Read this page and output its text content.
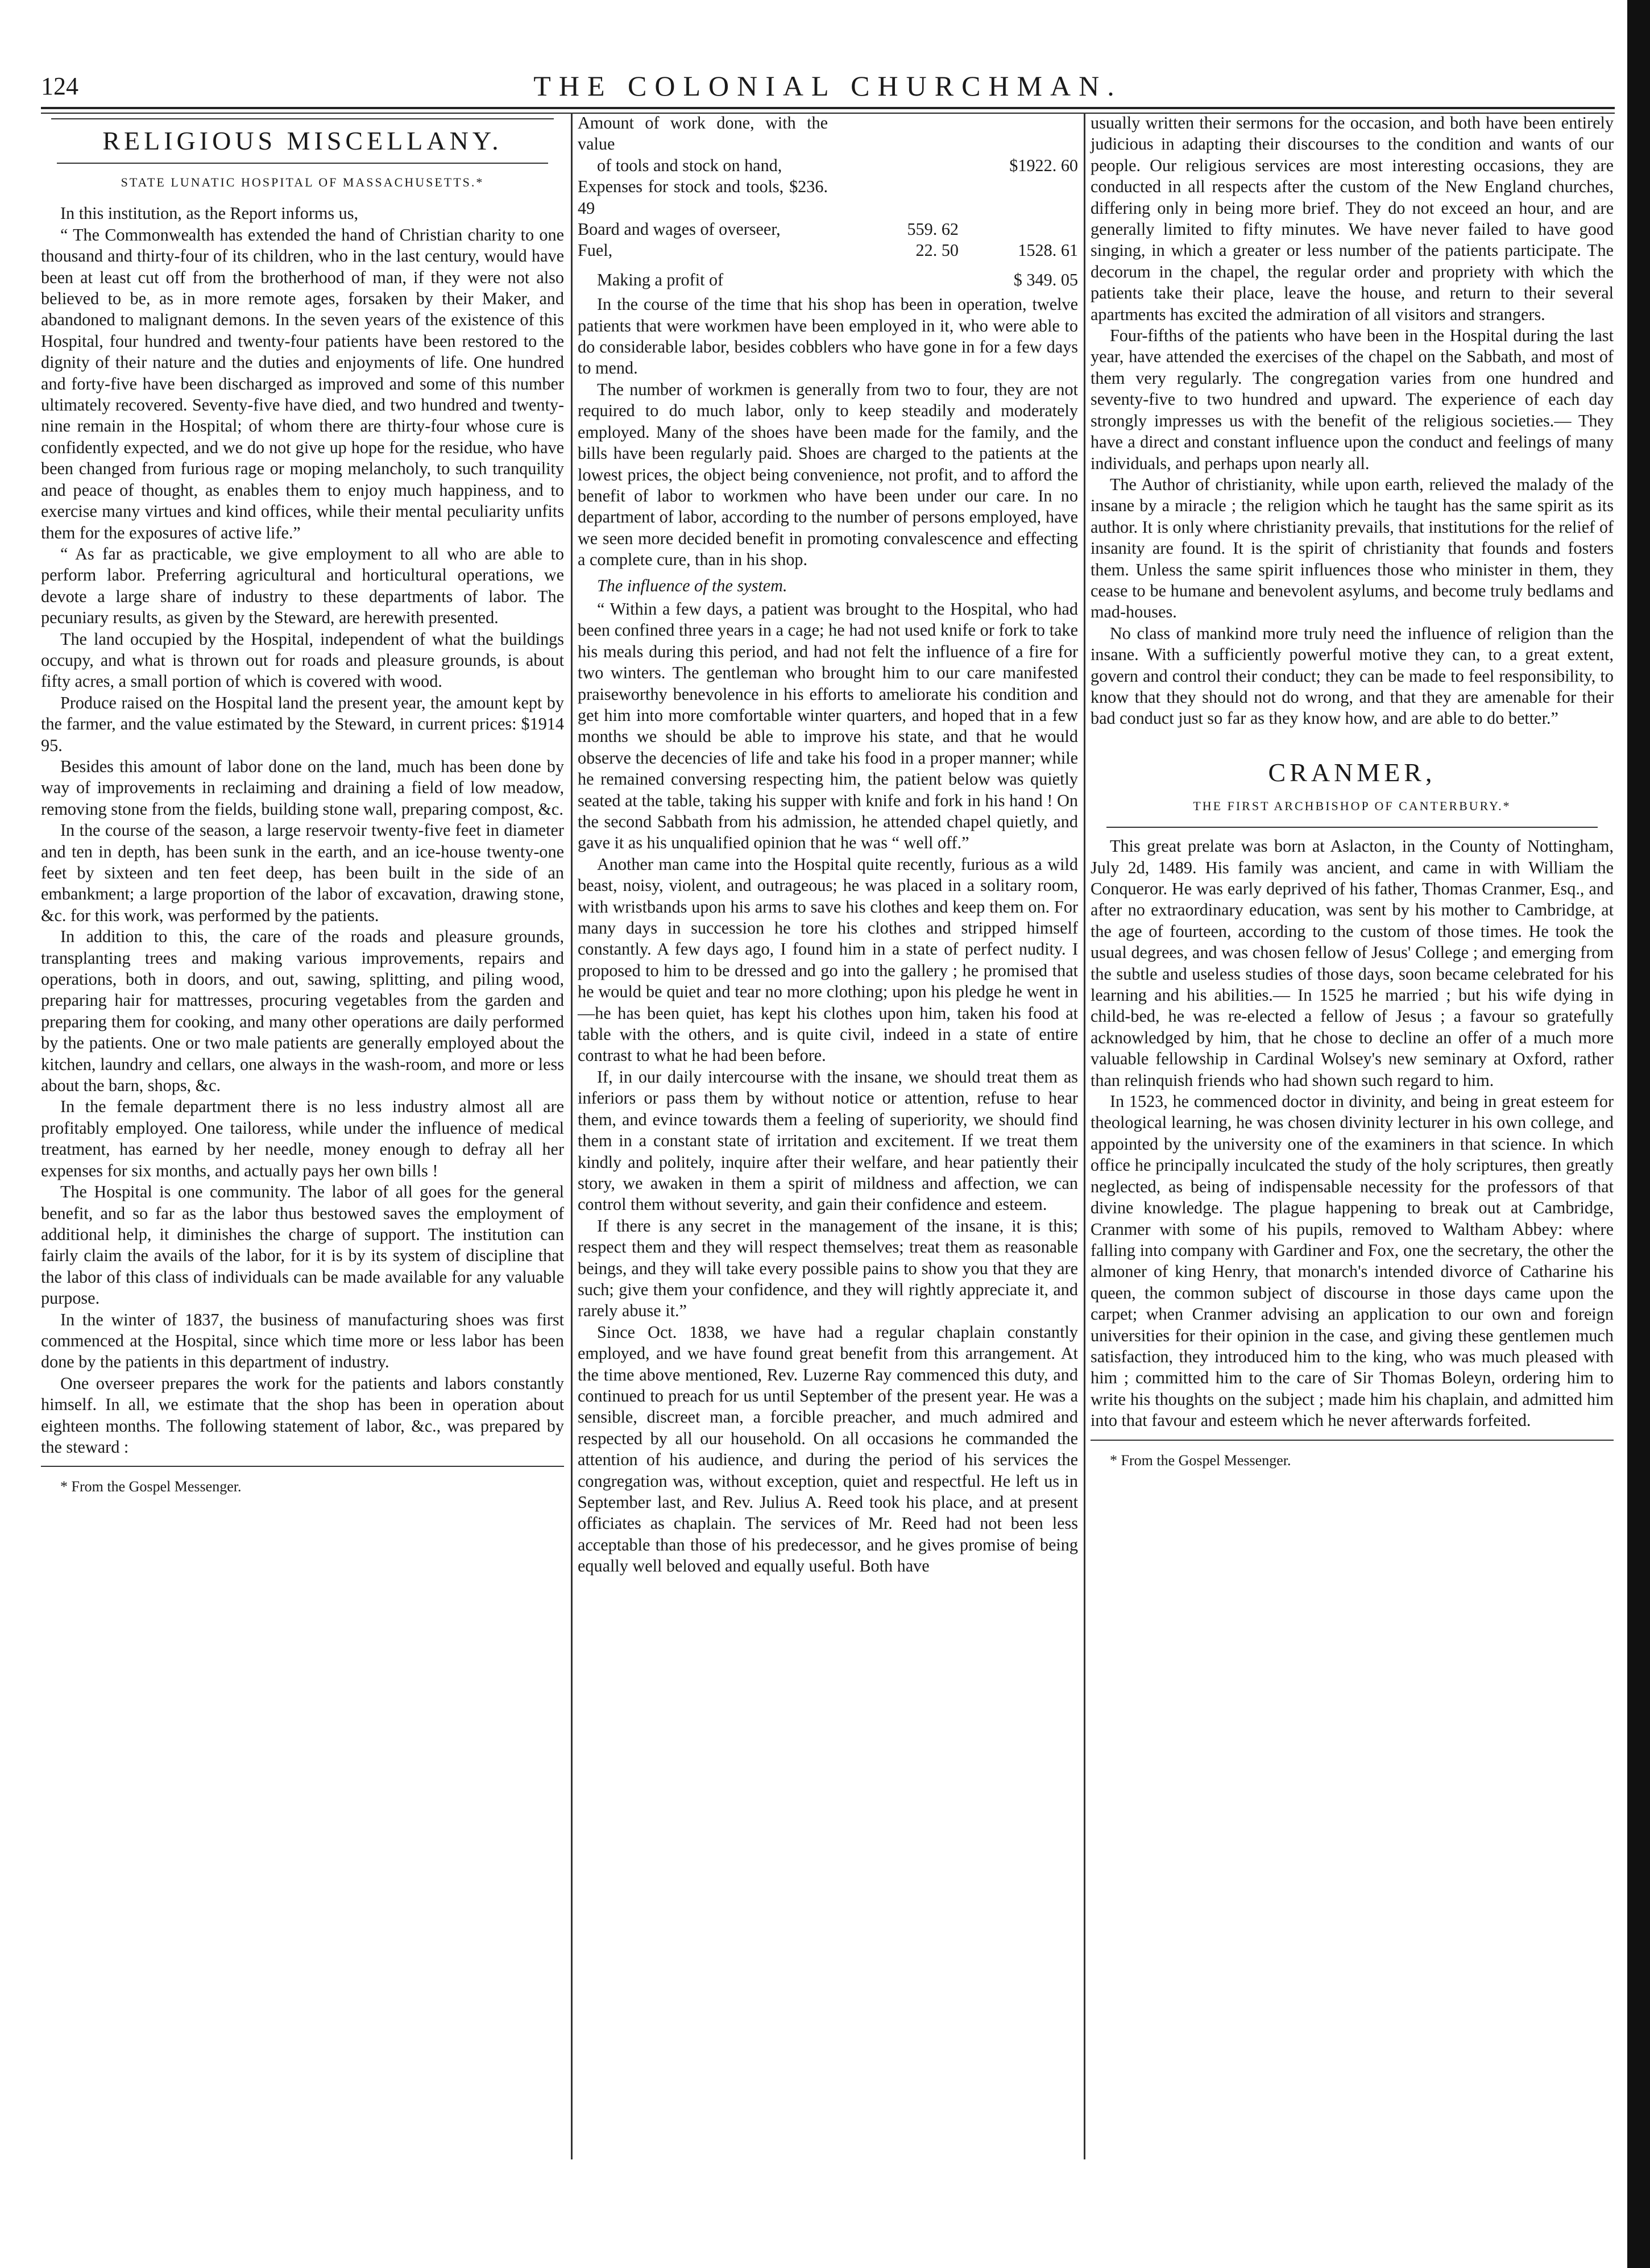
124	THE COLONIAL CHURCHMAN.
RELIGIOUS MISCELLANY.
STATE LUNATIC HOSPITAL OF MASSACHUSETTS.*

In this institution, as the Report informs us,

“ The Commonwealth has extended the hand of Christian charity to one thousand and thirty-four of its children, who in the last century, would have been at least cut off from the brotherhood of man, if they were not also believed to be, as in more remote ages, forsaken by their Maker, and abandoned to malignant demons. In the seven years of the existence of this Hospital, four hundred and twenty-four patients have been restored to the dignity of their nature and the duties and enjoyments of life. One hundred and forty-five have been discharged as improved and some of this number ultimately recovered. Seventy-five have died, and two hundred and twenty-nine remain in the Hospital; of whom there are thirty-four whose cure is confidently expected, and we do not give up hope for the residue, who have been changed from furious rage or moping melancholy, to such tranquility and peace of thought, as enables them to enjoy much happiness, and to exercise many virtues and kind offices, while their mental peculiarity unfits them for the exposures of active life.”

“ As far as practicable, we give employment to all who are able to perform labor. Preferring agricultural and horticultural operations, we devote a large share of industry to these departments of labor. The pecuniary results, as given by the Steward, are herewith presented.

The land occupied by the Hospital, independent of what the buildings occupy, and what is thrown out for roads and pleasure grounds, is about fifty acres, a small portion of which is covered with wood.

Produce raised on the Hospital land the present year, the amount kept by the farmer, and the value estimated by the Steward, in current prices: $1914 95.

Besides this amount of labor done on the land, much has been done by way of improvements in reclaiming and draining a field of low meadow, removing stone from the fields, building stone wall, preparing compost, &c.

In the course of the season, a large reservoir twenty-five feet in diameter and ten in depth, has been sunk in the earth, and an ice-house twenty-one feet by sixteen and ten feet deep, has been built in the side of an embankment; a large proportion of the labor of excavation, drawing stone, &c. for this work, was performed by the patients.

In addition to this, the care of the roads and pleasure grounds, transplanting trees and making various improvements, repairs and operations, both in doors, and out, sawing, splitting, and piling wood, preparing hair for mattresses, procuring vegetables from the garden and preparing them for cooking, and many other operations are daily performed by the patients. One or two male patients are generally employed about the kitchen, laundry and cellars, one always in the wash-room, and more or less about the barn, shops, &c.

In the female department there is no less industry almost all are profitably employed. One tailoress, while under the influence of medical treatment, has earned by her needle, money enough to defray all her expenses for six months, and actually pays her own bills !

The Hospital is one community. The labor of all goes for the general benefit, and so far as the labor thus bestowed saves the employment of additional help, it diminishes the charge of support. The institution can fairly claim the avails of the labor, for it is by its system of discipline that the labor of this class of individuals can be made available for any valuable purpose.

In the winter of 1837, the business of manufacturing shoes was first commenced at the Hospital, since which time more or less labor has been done by the patients in this department of industry.

One overseer prepares the work for the patients and labors constantly himself. In all, we estimate that the shop has been in operation about eighteen months. The following statement of labor, &c., was prepared by the steward :

* From the Gospel Messenger.
Amount of work done, with the value
of tools and stock on hand,	$1922. 60
Expenses for stock and tools, $236. 49
Board and wages of overseer,	559. 62
Fuel,	22. 50	1528. 61
Making a profit of	$ 349. 05

In the course of the time that his shop has been in operation, twelve patients that were workmen have been employed in it, who were able to do considerable labor, besides cobblers who have gone in for a few days to mend.

The number of workmen is generally from two to four, they are not required to do much labor, only to keep steadily and moderately employed. Many of the shoes have been made for the family, and the bills have been regularly paid. Shoes are charged to the patients at the lowest prices, the object being convenience, not profit, and to afford the benefit of labor to workmen who have been under our care. In no department of labor, according to the number of persons employed, have we seen more decided benefit in promoting convalescence and effecting a complete cure, than in his shop.

The influence of the system.

“ Within a few days, a patient was brought to the Hospital, who had been confined three years in a cage; he had not used knife or fork to take his meals during this period, and had not felt the influence of a fire for two winters. The gentleman who brought him to our care manifested praiseworthy benevolence in his efforts to ameliorate his condition and get him into more comfortable winter quarters, and hoped that in a few months we should be able to improve his state, and that he would observe the decencies of life and take his food in a proper manner; while he remained conversing respecting him, the patient below was quietly seated at the table, taking his supper with knife and fork in his hand ! On the second Sabbath from his admission, he attended chapel quietly, and gave it as his unqualified opinion that he was “ well off.”

Another man came into the Hospital quite recently, furious as a wild beast, noisy, violent, and outrageous; he was placed in a solitary room, with wristbands upon his arms to save his clothes and keep them on. For many days in succession he tore his clothes and stripped himself constantly. A few days ago, I found him in a state of perfect nudity. I proposed to him to be dressed and go into the gallery ; he promised that he would be quiet and tear no more clothing; upon his pledge he went in—he has been quiet, has kept his clothes upon him, taken his food at table with the others, and is quite civil, indeed in a state of entire contrast to what he had been before.

If, in our daily intercourse with the insane, we should treat them as inferiors or pass them by without notice or attention, refuse to hear them, and evince towards them a feeling of superiority, we should find them in a constant state of irritation and excitement. If we treat them kindly and politely, inquire after their welfare, and hear patiently their story, we awaken in them a spirit of mildness and affection, we can control them without severity, and gain their confidence and esteem.

If there is any secret in the management of the insane, it is this; respect them and they will respect themselves; treat them as reasonable beings, and they will take every possible pains to show you that they are such; give them your confidence, and they will rightly appreciate it, and rarely abuse it.”

Since Oct. 1838, we have had a regular chaplain constantly employed, and we have found great benefit from this arrangement. At the time above mentioned, Rev. Luzerne Ray commenced this duty, and continued to preach for us until September of the present year. He was a sensible, discreet man, a forcible preacher, and much admired and respected by all our household. On all occasions he commanded the attention of his audience, and during the period of his services the congregation was, without exception, quiet and respectful. He left us in September last, and Rev. Julius A. Reed took his place, and at present officiates as chaplain. The services of Mr. Reed had not been less acceptable than those of his predecessor, and he gives promise of being equally well beloved and equally useful. Both have

usually written their sermons for the occasion, and both have been entirely judicious in adapting their discourses to the condition and wants of our people. Our religious services are most interesting occasions, they are conducted in all respects after the custom of the New England churches, differing only in being more brief. They do not exceed an hour, and are generally limited to fifty minutes. We have never failed to have good singing, in which a greater or less number of the patients participate. The decorum in the chapel, the regular order and propriety with which the patients take their place, leave the house, and return to their several apartments has excited the admiration of all visitors and strangers.

Four-fifths of the patients who have been in the Hospital during the last year, have attended the exercises of the chapel on the Sabbath, and most of them very regularly. The congregation varies from one hundred and seventy-five to two hundred and upward. The experience of each day strongly impresses us with the benefit of the religious societies.— They have a direct and constant influence upon the conduct and feelings of many individuals, and perhaps upon nearly all.

The Author of christianity, while upon earth, relieved the malady of the insane by a miracle ; the religion which he taught has the same spirit as its author. It is only where christianity prevails, that institutions for the relief of insanity are found. It is the spirit of christianity that founds and fosters them. Unless the same spirit influences those who minister in them, they cease to be humane and benevolent asylums, and become truly bedlams and mad-houses.

No class of mankind more truly need the influence of religion than the insane. With a sufficiently powerful motive they can, to a great extent, govern and control their conduct; they can be made to feel responsibility, to know that they should not do wrong, and that they are amenable for their bad conduct just so far as they know how, and are able to do better.”

CRANMER,
THE FIRST ARCHBISHOP OF CANTERBURY.*

This great prelate was born at Aslacton, in the County of Nottingham, July 2d, 1489. His family was ancient, and came in with William the Conqueror. He was early deprived of his father, Thomas Cranmer, Esq., and after no extraordinary education, was sent by his mother to Cambridge, at the age of fourteen, according to the custom of those times. He took the usual degrees, and was chosen fellow of Jesus' College ; and emerging from the subtle and useless studies of those days, soon became celebrated for his learning and his abilities.— In 1525 he married ; but his wife dying in child-bed, he was re-elected a fellow of Jesus ; a favour so gratefully acknowledged by him, that he chose to decline an offer of a much more valuable fellowship in Cardinal Wolsey's new seminary at Oxford, rather than relinquish friends who had shown such regard to him.

In 1523, he commenced doctor in divinity, and being in great esteem for theological learning, he was chosen divinity lecturer in his own college, and appointed by the university one of the examiners in that science. In which office he principally inculcated the study of the holy scriptures, then greatly neglected, as being of indispensable necessity for the professors of that divine knowledge. The plague happening to break out at Cambridge, Cranmer with some of his pupils, removed to Waltham Abbey: where falling into company with Gardiner and Fox, one the secretary, the other the almoner of king Henry, that monarch's intended divorce of Catharine his queen, the common subject of discourse in those days came upon the carpet; when Cranmer advising an application to our own and foreign universities for their opinion in the case, and giving these gentlemen much satisfaction, they introduced him to the king, who was much pleased with him ; committed him to the care of Sir Thomas Boleyn, ordering him to write his thoughts on the subject ; made him his chaplain, and admitted him into that favour and esteem which he never afterwards forfeited.

* From the Gospel Messenger.
